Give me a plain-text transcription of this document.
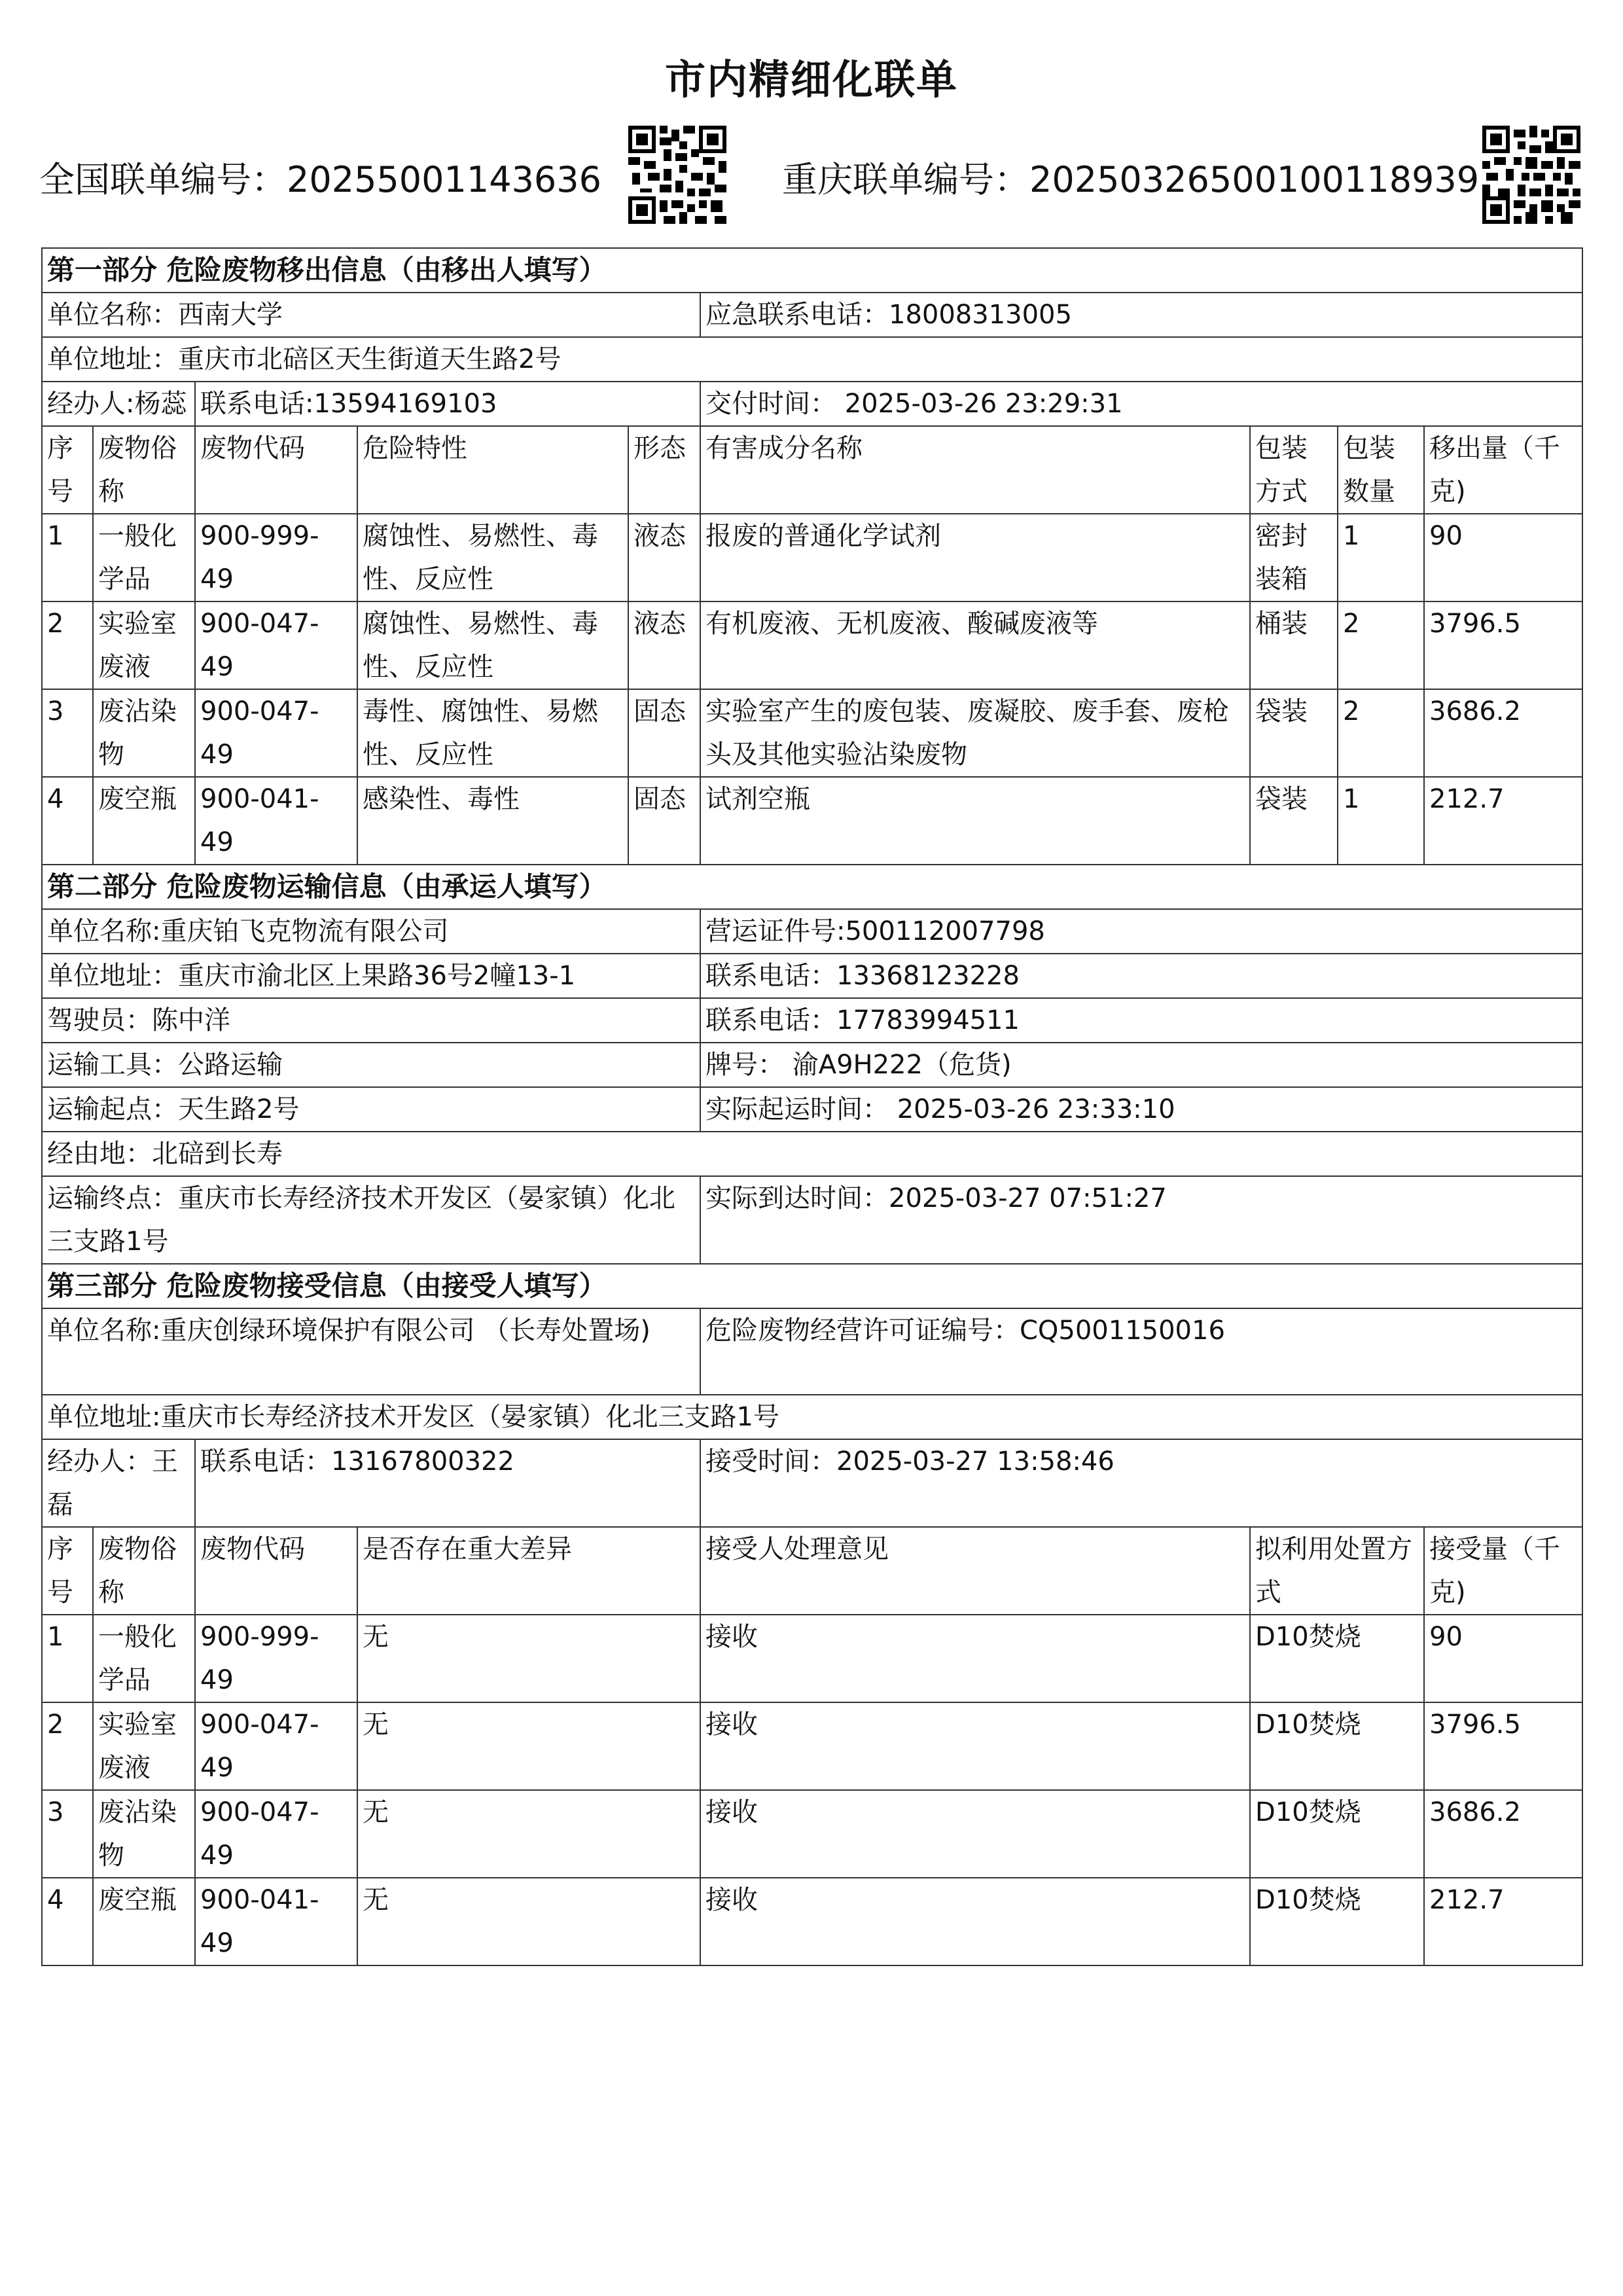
市内精细化联单
全国联单编号：20255001143636	重庆联单编号：20250326500100118939
第一部分 危险废物移出信息（由移出人填写）								
单位名称：西南大学					应急联系电话：18008313005			
单位地址：重庆市北碚区天生街道天生路2号								
经办人:杨蕊		联系电话:13594169103			交付时间： 2025-03-26 23:29:31			
序号	废物俗称	废物代码	危险特性	形态	有害成分名称	包装方式	包装数量	移出量（千克)
1	一般化学品	900-999-49	腐蚀性、易燃性、毒性、反应性	液态	报废的普通化学试剂	密封装箱	1	90
2	实验室废液	900-047-49	腐蚀性、易燃性、毒性、反应性	液态	有机废液、无机废液、酸碱废液等	桶装	2	3796.5
3	废沾染物	900-047-49	毒性、腐蚀性、易燃性、反应性	固态	实验室产生的废包装、废凝胶、废手套、废枪头及其他实验沾染废物	袋装	2	3686.2
4	废空瓶	900-041-49	感染性、毒性	固态	试剂空瓶	袋装	1	212.7
第二部分 危险废物运输信息（由承运人填写）								
单位名称:重庆铂飞克物流有限公司					营运证件号:500112007798			
单位地址：重庆市渝北区上果路36号2幢13-1					联系电话：13368123228			
驾驶员：陈中洋					联系电话：17783994511			
运输工具：公路运输					牌号： 渝A9H222（危货)			
运输起点：天生路2号					实际起运时间： 2025-03-26 23:33:10			
经由地：北碚到长寿								
运输终点：重庆市长寿经济技术开发区（晏家镇）化北三支路1号					实际到达时间：2025-03-27 07:51:27			
第三部分 危险废物接受信息（由接受人填写）								
单位名称:重庆创绿环境保护有限公司 （长寿处置场)					危险废物经营许可证编号：CQ5001150016			
单位地址:重庆市长寿经济技术开发区（晏家镇）化北三支路1号								
经办人：王磊		联系电话：13167800322			接受时间：2025-03-27 13:58:46			
序号	废物俗称	废物代码	是否存在重大差异		接受人处理意见	拟利用处置方式		接受量（千克)
1	一般化学品	900-999-49	无		接收	D10焚烧		90
2	实验室废液	900-047-49	无		接收	D10焚烧		3796.5
3	废沾染物	900-047-49	无		接收	D10焚烧		3686.2
4	废空瓶	900-041-49	无		接收	D10焚烧		212.7
